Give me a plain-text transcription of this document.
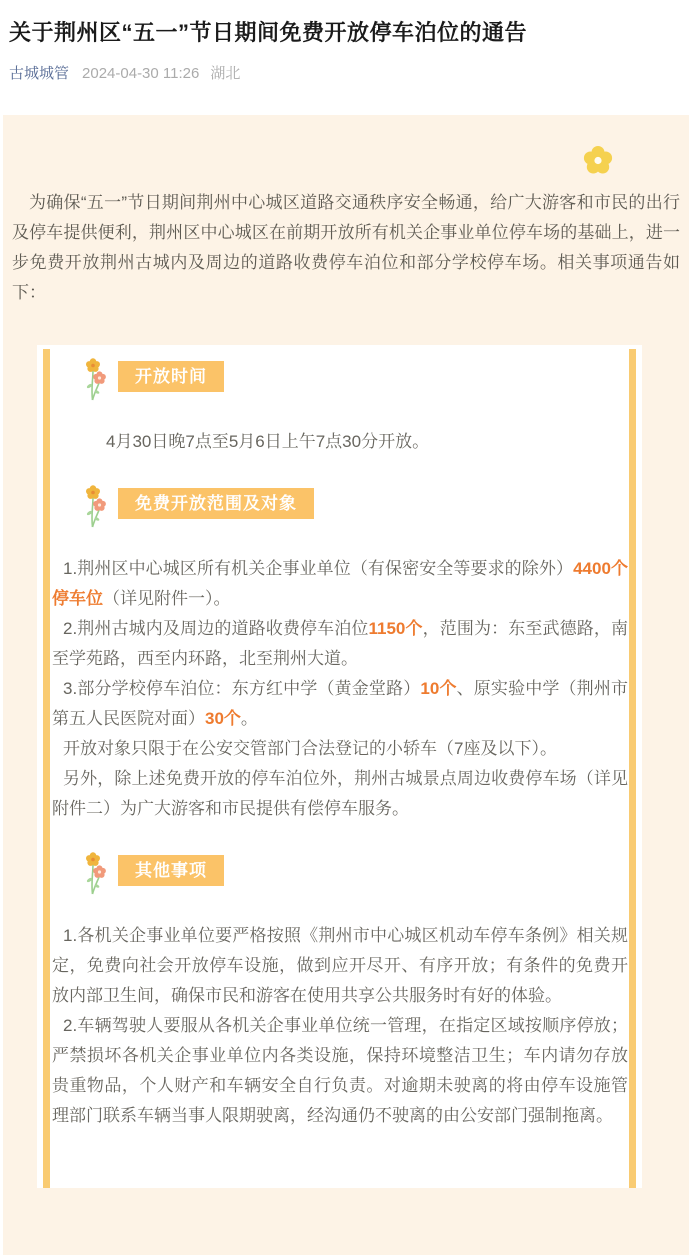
关于荆州区“五一”节日期间免费开放停车泊位的通告
古城城管 2024-04-30 11:26 湖北

为确保“五一”节日期间荆州中心城区道路交通秩序安全畅通，给广大游客和市民的出行及停车提供便利，荆州区中心城区在前期开放所有机关企事业单位停车场的基础上，进一步免费开放荆州古城内及周边的道路收费停车泊位和部分学校停车场。相关事项通告如下：

开放时间

4月30日晚7点至5月6日上午7点30分开放。

免费开放范围及对象

1.荆州区中心城区所有机关企事业单位（有保密安全等要求的除外）4400个停车位（详见附件一）。

2.荆州古城内及周边的道路收费停车泊位1150个，范围为：东至武德路，南至学苑路，西至内环路，北至荆州大道。

3.部分学校停车泊位：东方红中学（黄金堂路）10个、原实验中学（荆州市第五人民医院对面）30个。

开放对象只限于在公安交管部门合法登记的小轿车（7座及以下）。

另外，除上述免费开放的停车泊位外，荆州古城景点周边收费停车场（详见附件二）为广大游客和市民提供有偿停车服务。

其他事项

1.各机关企事业单位要严格按照《荆州市中心城区机动车停车条例》相关规定，免费向社会开放停车设施，做到应开尽开、有序开放；有条件的免费开放内部卫生间，确保市民和游客在使用共享公共服务时有好的体验。

2.车辆驾驶人要服从各机关企事业单位统一管理，在指定区域按顺序停放；严禁损坏各机关企事业单位内各类设施，保持环境整洁卫生；车内请勿存放贵重物品，个人财产和车辆安全自行负责。对逾期未驶离的将由停车设施管理部门联系车辆当事人限期驶离，经沟通仍不驶离的由公安部门强制拖离。
